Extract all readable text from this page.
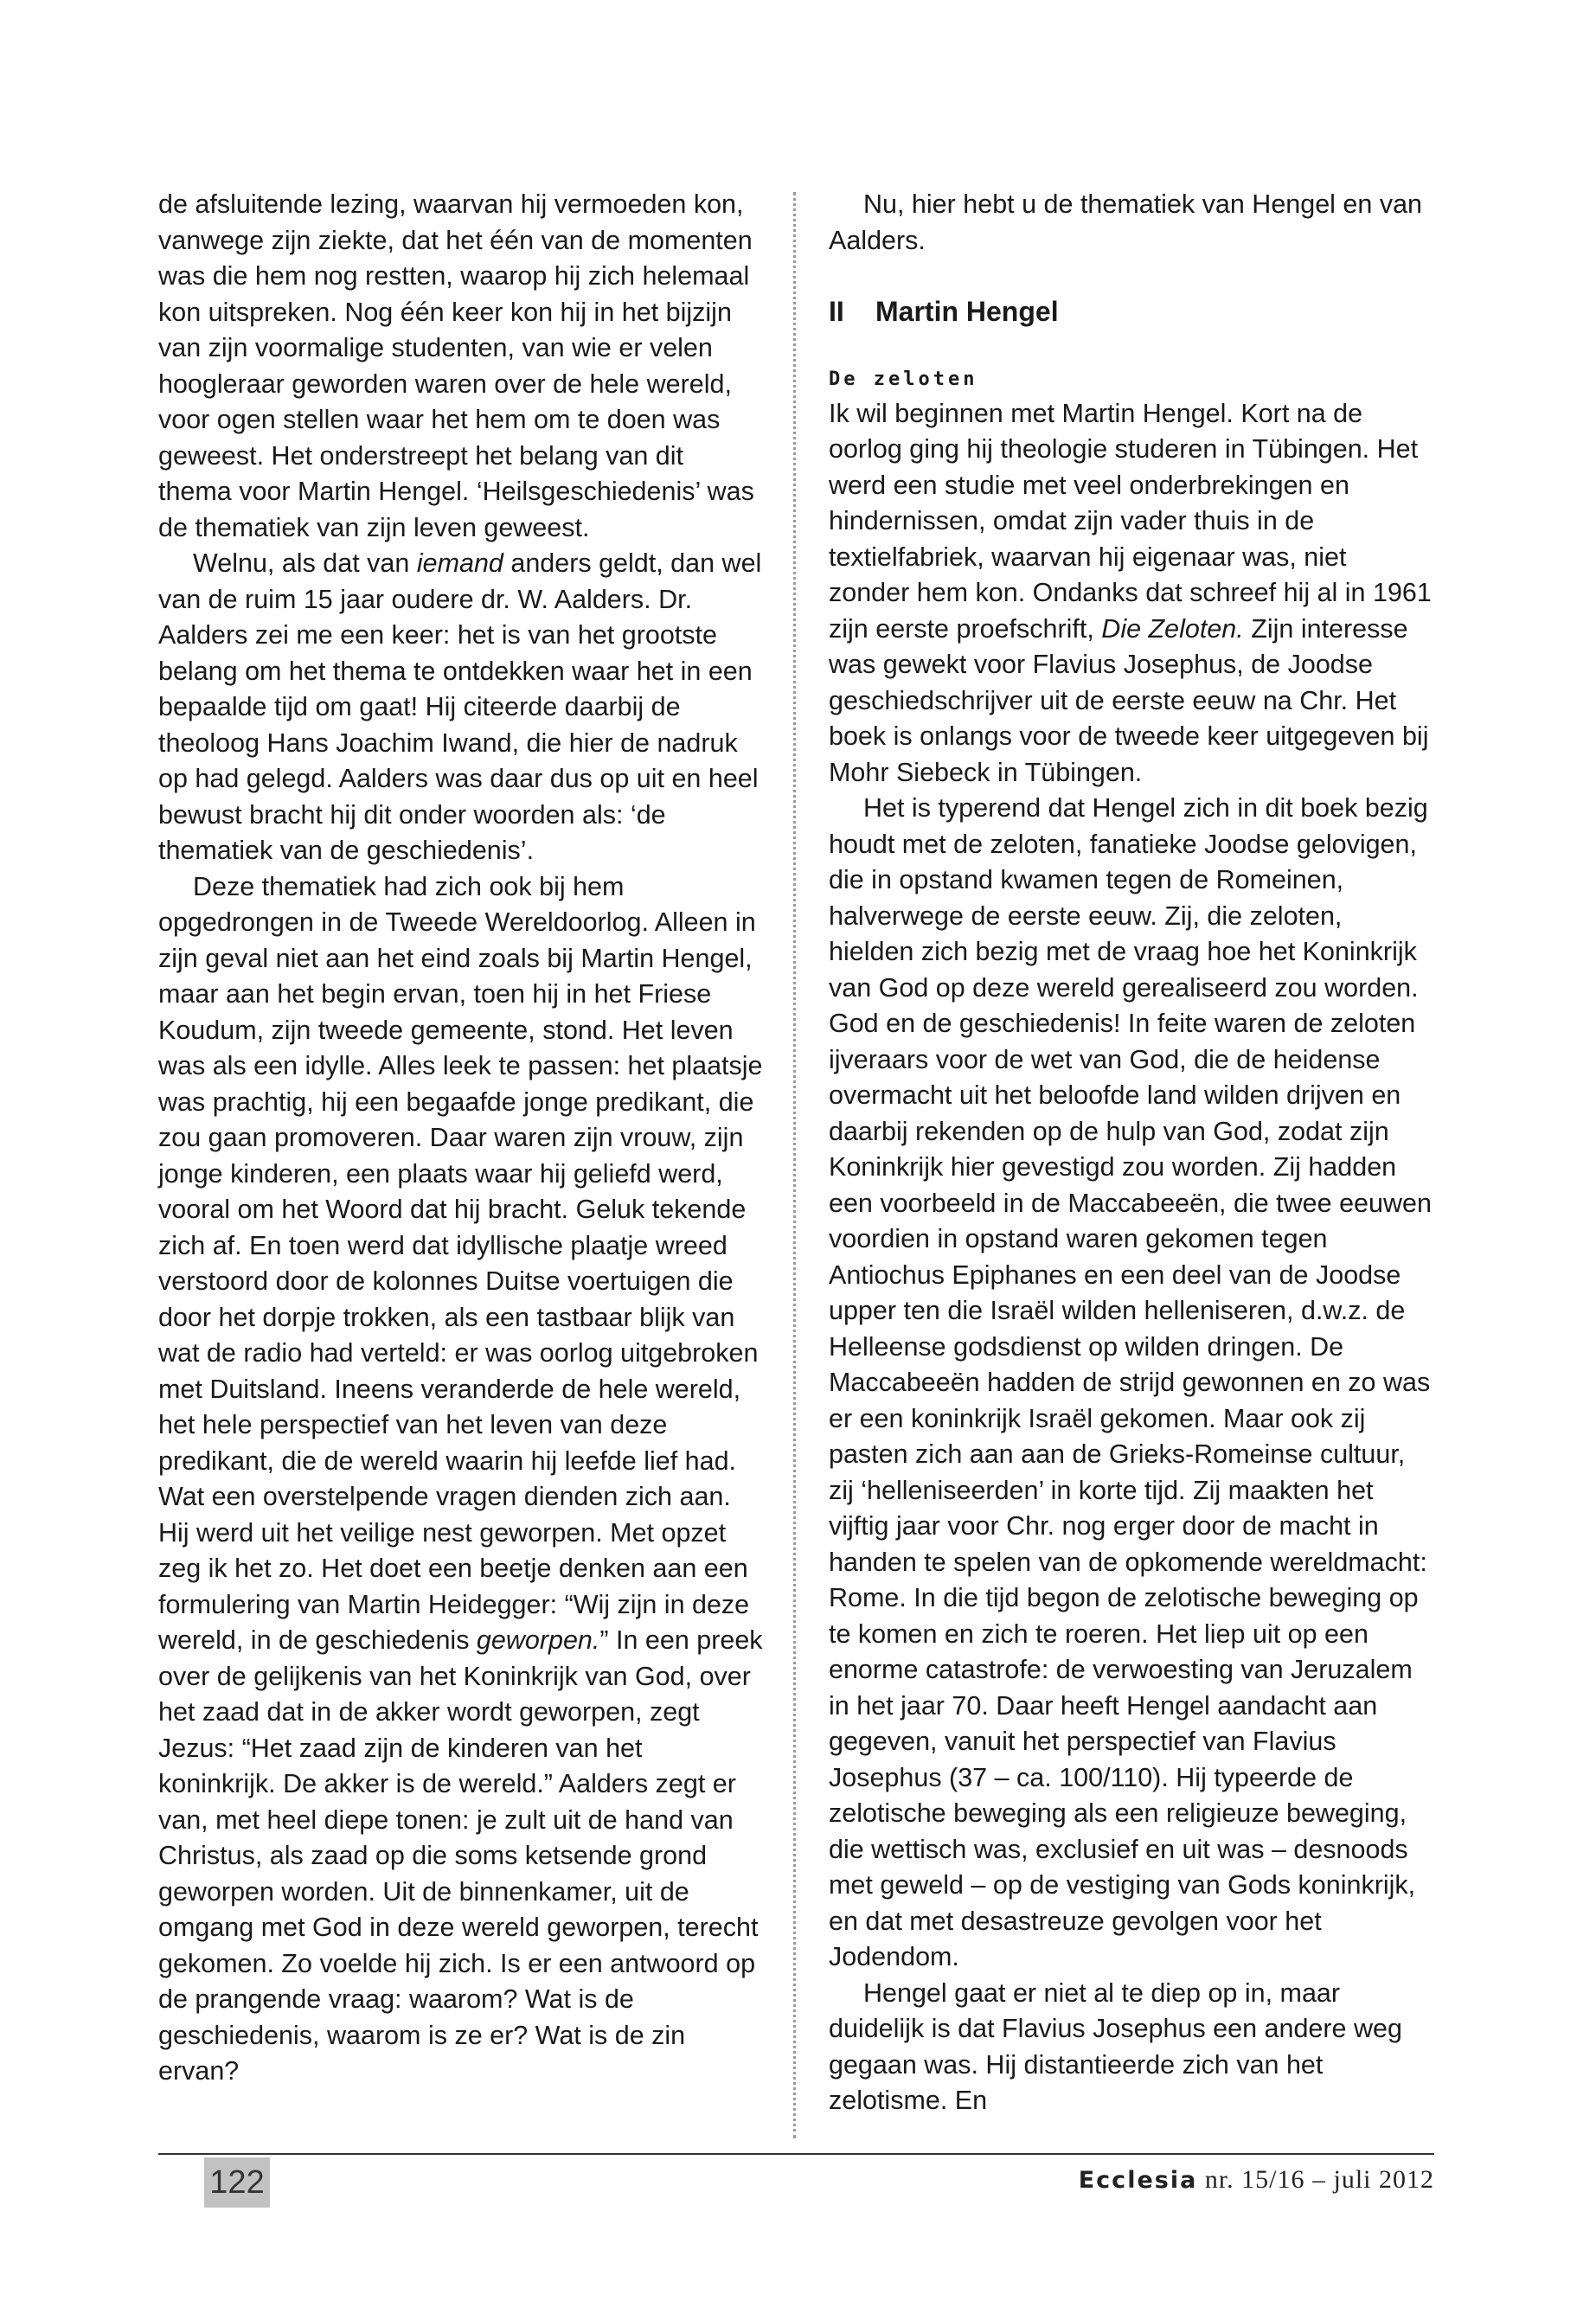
de afsluitende lezing, waarvan hij vermoeden kon, vanwege zijn ziekte, dat het één van de momenten was die hem nog restten, waarop hij zich helemaal kon uitspreken. Nog één keer kon hij in het bijzijn van zijn voormalige studenten, van wie er velen hoogleraar geworden waren over de hele wereld, voor ogen stellen waar het hem om te doen was geweest. Het onderstreept het belang van dit thema voor Martin Hengel. ‘Heilsgeschiedenis’ was de thematiek van zijn leven geweest.

Welnu, als dat van iemand anders geldt, dan wel van de ruim 15 jaar oudere dr. W. Aalders. Dr. Aalders zei me een keer: het is van het grootste belang om het thema te ontdekken waar het in een bepaalde tijd om gaat! Hij citeerde daarbij de theoloog Hans Joachim Iwand, die hier de nadruk op had gelegd. Aalders was daar dus op uit en heel bewust bracht hij dit onder woorden als: ‘de thematiek van de geschiedenis’.

Deze thematiek had zich ook bij hem opgedrongen in de Tweede Wereldoorlog. Alleen in zijn geval niet aan het eind zoals bij Martin Hengel, maar aan het begin ervan, toen hij in het Friese Koudum, zijn tweede gemeente, stond. Het leven was als een idylle. Alles leek te passen: het plaatsje was prachtig, hij een begaafde jonge predikant, die zou gaan promoveren. Daar waren zijn vrouw, zijn jonge kinderen, een plaats waar hij geliefd werd, vooral om het Woord dat hij bracht. Geluk tekende zich af. En toen werd dat idyllische plaatje wreed verstoord door de kolonnes Duitse voertuigen die door het dorpje trokken, als een tastbaar blijk van wat de radio had verteld: er was oorlog uitgebroken met Duitsland. Ineens veranderde de hele wereld, het hele perspectief van het leven van deze predikant, die de wereld waarin hij leefde lief had. Wat een overstelpende vragen dienden zich aan. Hij werd uit het veilige nest geworpen. Met opzet zeg ik het zo. Het doet een beetje denken aan een formulering van Martin Heidegger: “Wij zijn in deze wereld, in de geschiedenis geworpen.” In een preek over de gelijkenis van het Koninkrijk van God, over het zaad dat in de akker wordt geworpen, zegt Jezus: “Het zaad zijn de kinderen van het koninkrijk. De akker is de wereld.” Aalders zegt er van, met heel diepe tonen: je zult uit de hand van Christus, als zaad op die soms ketsende grond geworpen worden. Uit de binnenkamer, uit de omgang met God in deze wereld geworpen, terecht gekomen. Zo voelde hij zich. Is er een antwoord op de prangende vraag: waarom? Wat is de geschiedenis, waarom is ze er? Wat is de zin ervan?

Nu, hier hebt u de thematiek van Hengel en van Aalders.

II Martin Hengel

De zeloten

Ik wil beginnen met Martin Hengel. Kort na de oorlog ging hij theologie studeren in Tübingen. Het werd een studie met veel onderbrekingen en hindernissen, omdat zijn vader thuis in de textielfabriek, waarvan hij eigenaar was, niet zonder hem kon. Ondanks dat schreef hij al in 1961 zijn eerste proefschrift, Die Zeloten. Zijn interesse was gewekt voor Flavius Josephus, de Joodse geschiedschrijver uit de eerste eeuw na Chr. Het boek is onlangs voor de tweede keer uitgegeven bij Mohr Siebeck in Tübingen.

Het is typerend dat Hengel zich in dit boek bezig houdt met de zeloten, fanatieke Joodse gelovigen, die in opstand kwamen tegen de Romeinen, halverwege de eerste eeuw. Zij, die zeloten, hielden zich bezig met de vraag hoe het Koninkrijk van God op deze wereld gerealiseerd zou worden. God en de geschiedenis! In feite waren de zeloten ijveraars voor de wet van God, die de heidense overmacht uit het beloofde land wilden drijven en daarbij rekenden op de hulp van God, zodat zijn Koninkrijk hier gevestigd zou worden. Zij hadden een voorbeeld in de Maccabeeën, die twee eeuwen voordien in opstand waren gekomen tegen Antiochus Epiphanes en een deel van de Joodse upper ten die Israël wilden helleniseren, d.w.z. de Helleense godsdienst op wilden dringen. De Maccabeeën hadden de strijd gewonnen en zo was er een koninkrijk Israël gekomen. Maar ook zij pasten zich aan aan de Grieks-Romeinse cultuur, zij ‘helleniseerden’ in korte tijd. Zij maakten het vijftig jaar voor Chr. nog erger door de macht in handen te spelen van de opkomende wereldmacht: Rome. In die tijd begon de zelotische beweging op te komen en zich te roeren. Het liep uit op een enorme catastrofe: de verwoesting van Jeruzalem in het jaar 70. Daar heeft Hengel aandacht aan gegeven, vanuit het perspectief van Flavius Josephus (37 – ca. 100/110). Hij typeerde de zelotische beweging als een religieuze beweging, die wettisch was, exclusief en uit was – desnoods met geweld – op de vestiging van Gods koninkrijk, en dat met desastreuze gevolgen voor het Jodendom.

Hengel gaat er niet al te diep op in, maar duidelijk is dat Flavius Josephus een andere weg gegaan was. Hij distantieerde zich van het zelotisme. En

122	Ecclesia nr. 15/16 – juli 2012
